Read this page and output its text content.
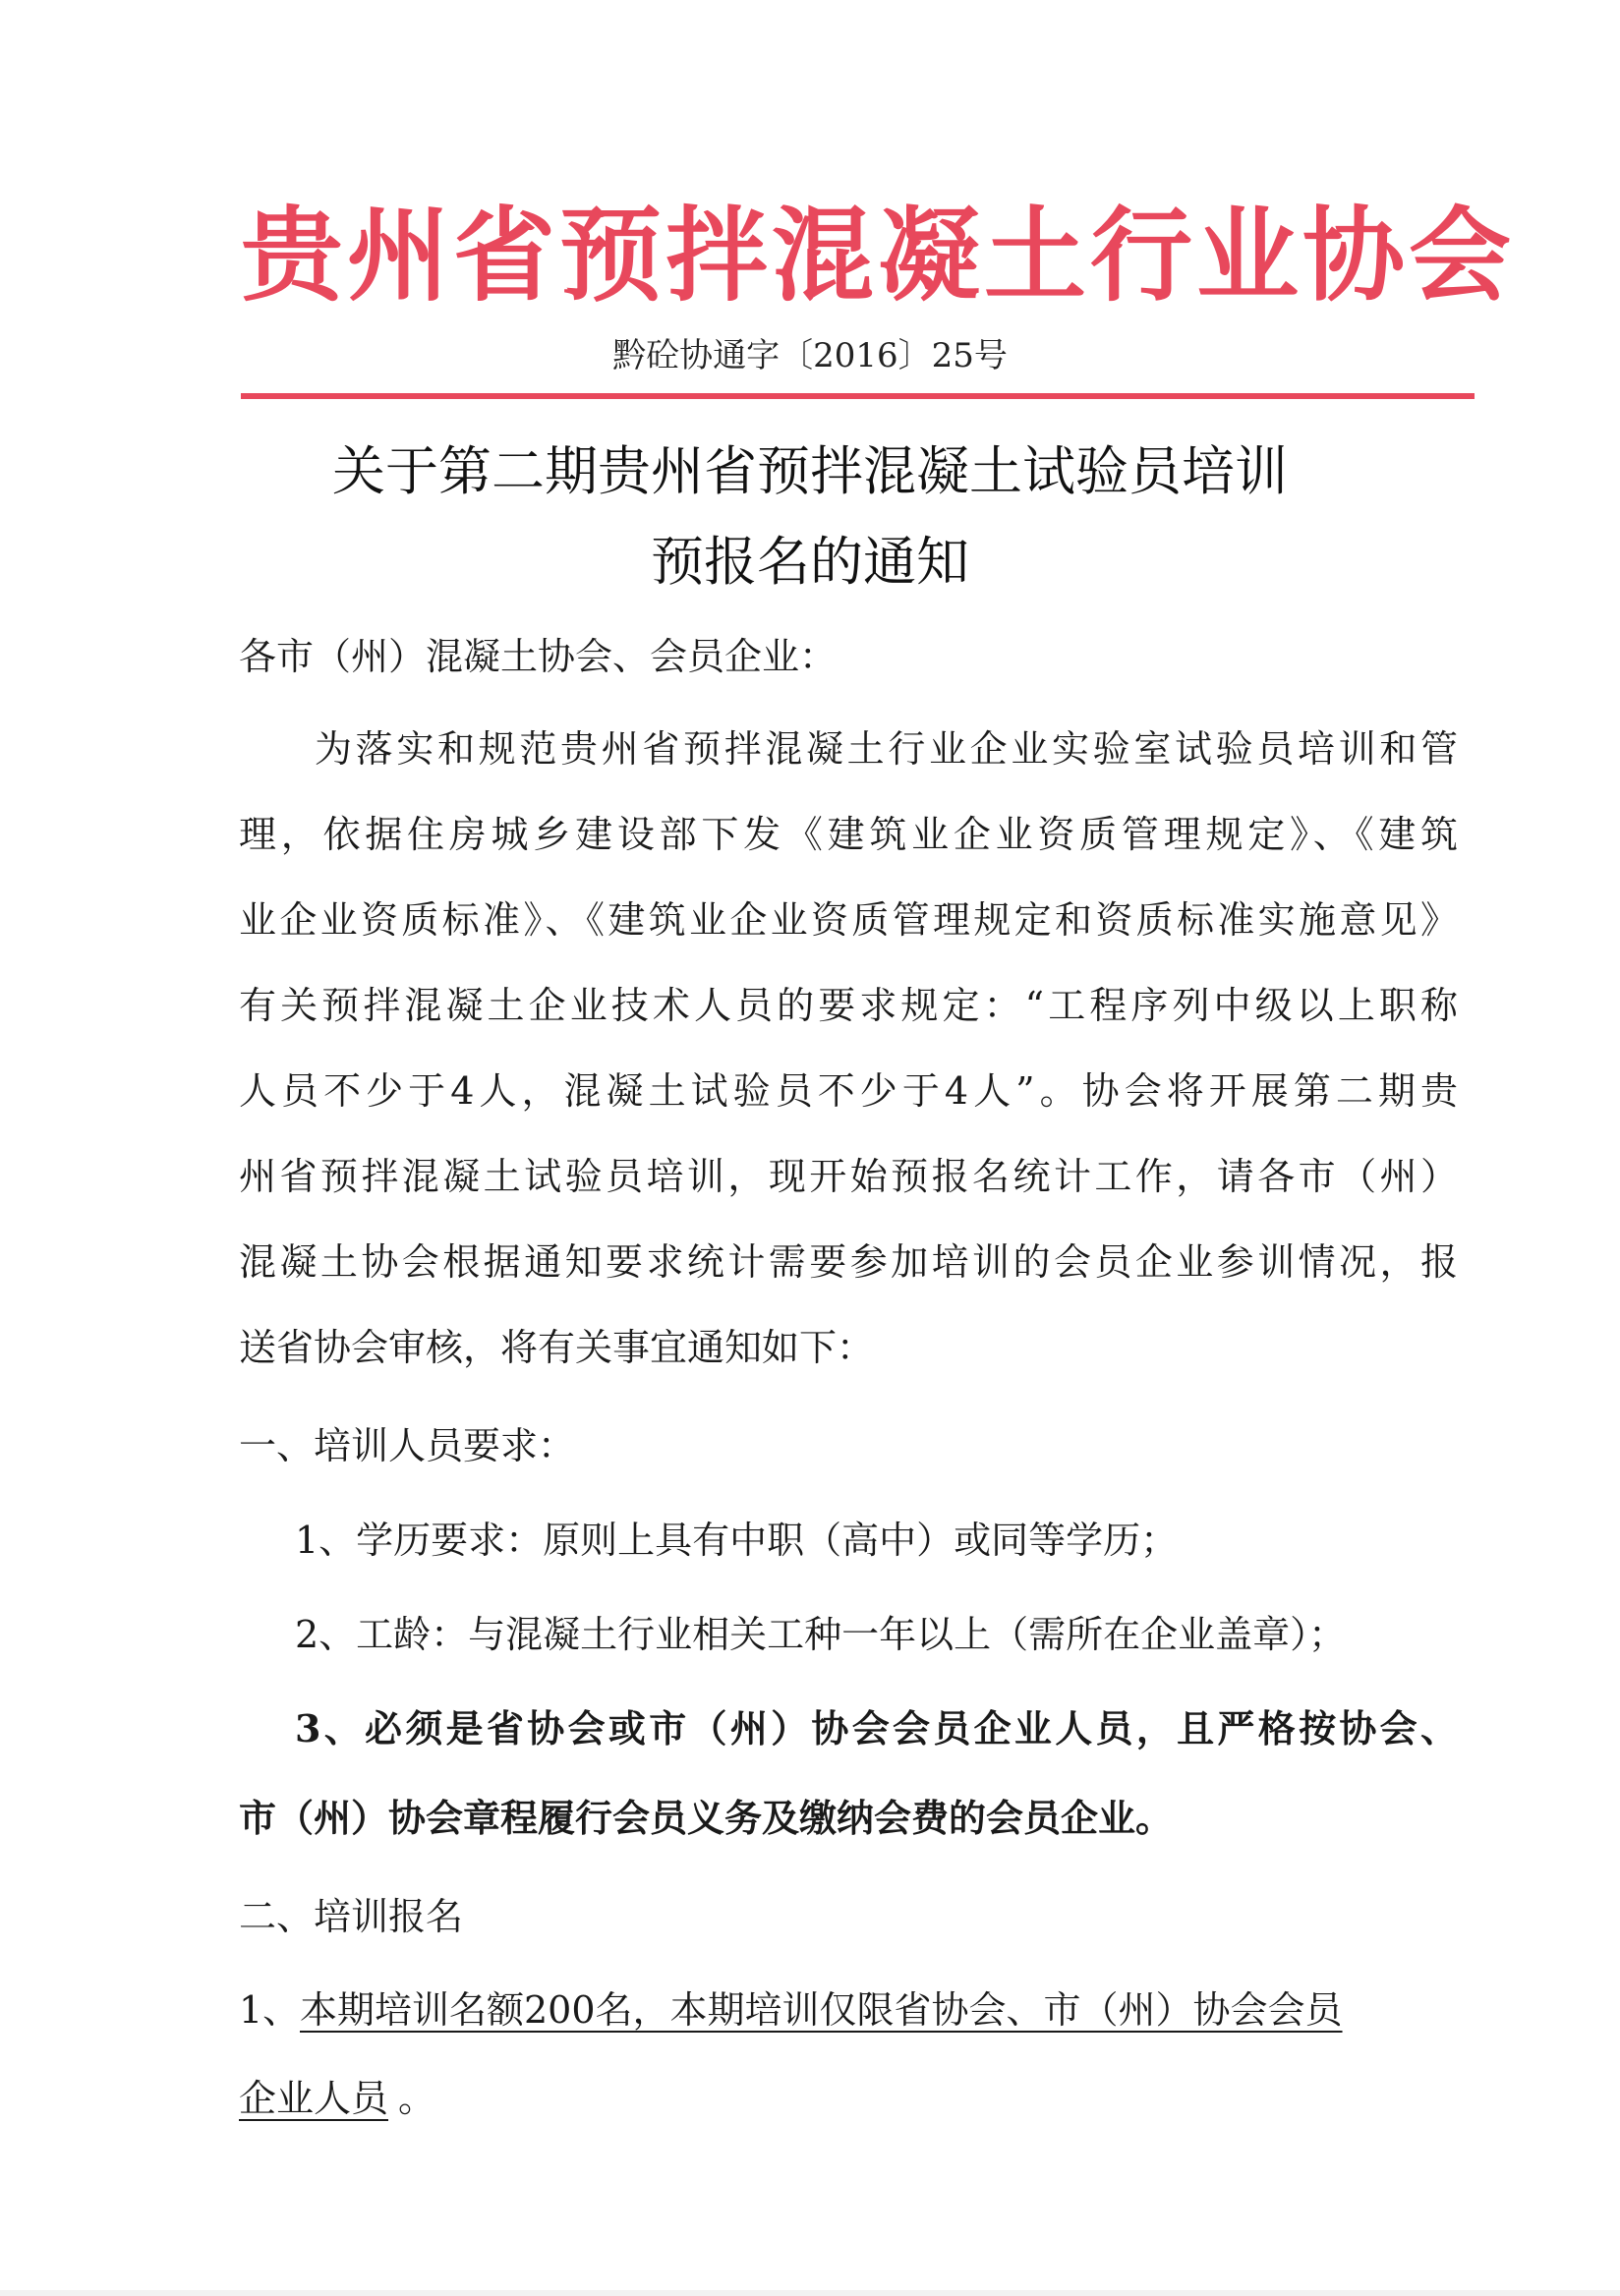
贵州省预拌混凝土行业协会
黔砼协通字〔2016〕25号
关于第二期贵州省预拌混凝土试验员培训
预报名的通知
各市（州）混凝土协会、会员企业：
为落实和规范贵州省预拌混凝土行业企业实验室试验员培训和管
理，依据住房城乡建设部下发《建筑业企业资质管理规定》、《建筑
业企业资质标准》、《建筑业企业资质管理规定和资质标准实施意见》
有关预拌混凝土企业技术人员的要求规定：“工程序列中级以上职称
人员不少于4人，混凝土试验员不少于4人”。协会将开展第二期贵
州省预拌混凝土试验员培训，现开始预报名统计工作，请各市（州）
混凝土协会根据通知要求统计需要参加培训的会员企业参训情况，报
送省协会审核，将有关事宜通知如下：
一、培训人员要求：
1、学历要求：原则上具有中职（高中）或同等学历；
2、工龄：与混凝土行业相关工种一年以上（需所在企业盖章）；
3、必须是省协会或市（州）协会会员企业人员，且严格按协会、
市（州）协会章程履行会员义务及缴纳会费的会员企业。
二、培训报名
1、 本期培训名额200名，本期培训仅限省协会、市（州）协会会员
企业人员 。
